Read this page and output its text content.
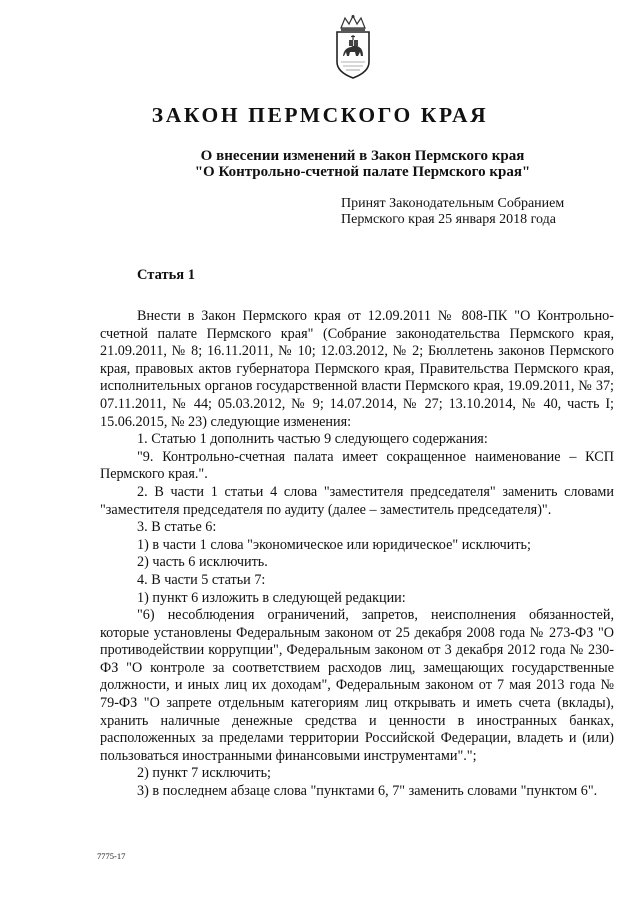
ЗАКОН ПЕРМСКОГО КРАЯ
О внесении изменений в Закон Пермского края
"О Контрольно-счетной палате Пермского края"
Принят Законодательным Собранием
Пермского края 25 января 2018 года
Статья 1

Внести в Закон Пермского края от 12.09.2011 № 808-ПК "О Контрольно-счетной палате Пермского края" (Собрание законодательства Пермского края, 21.09.2011, № 8; 16.11.2011, № 10; 12.03.2012, № 2; Бюллетень законов Пермского края, правовых актов губернатора Пермского края, Правительства Пермского края, исполнительных органов государственной власти Пермского края, 19.09.2011, № 37; 07.11.2011, № 44; 05.03.2012, № 9; 14.07.2014, № 27; 13.10.2014, № 40, часть I; 15.06.2015, № 23) следующие изменения:

1. Статью 1 дополнить частью 9 следующего содержания:

"9. Контрольно-счетная палата имеет сокращенное наименование – КСП Пермского края.".

2. В части 1 статьи 4 слова "заместителя председателя" заменить словами "заместителя председателя по аудиту (далее – заместитель председателя)".

3. В статье 6:

1) в части 1 слова "экономическое или юридическое" исключить;

2) часть 6 исключить.

4. В части 5 статьи 7:

1) пункт 6 изложить в следующей редакции:

"6) несоблюдения ограничений, запретов, неисполнения обязанностей, которые установлены Федеральным законом от 25 декабря 2008 года № 273-ФЗ "О противодействии коррупции", Федеральным законом от 3 декабря 2012 года № 230-ФЗ "О контроле за соответствием расходов лиц, замещающих государственные должности, и иных лиц их доходам", Федеральным законом от 7 мая 2013 года № 79-ФЗ "О запрете отдельным категориям лиц открывать и иметь счета (вклады), хранить наличные денежные средства и ценности в иностранных банках, расположенных за пределами территории Российской Федерации, владеть и (или) пользоваться иностранными финансовыми инструментами".";

2) пункт 7 исключить;

3) в последнем абзаце слова "пунктами 6, 7" заменить словами "пунктом 6".

7775-17
